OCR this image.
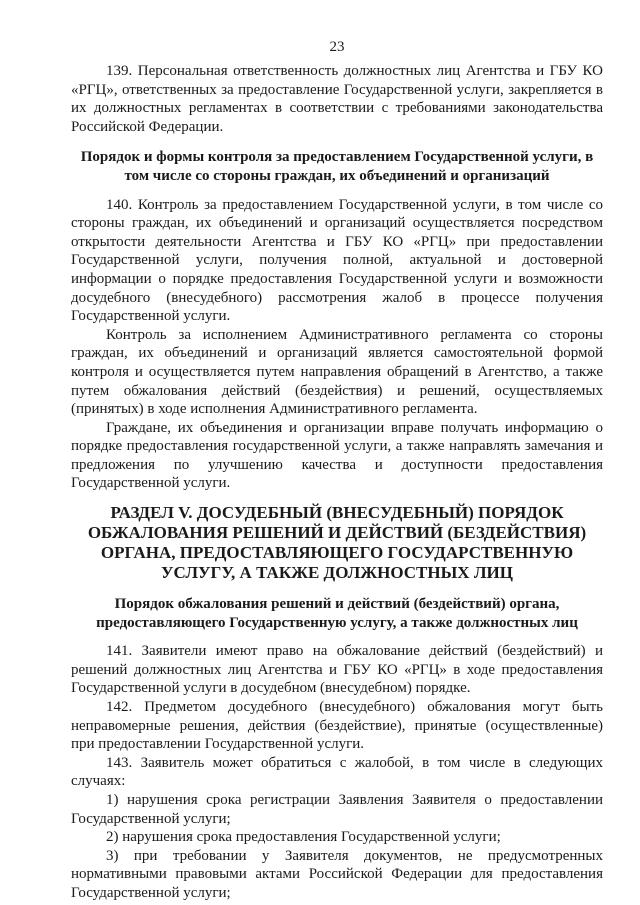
23

139. Персональная ответственность должностных лиц Агентства и ГБУ КО «РГЦ», ответственных за предоставление Государственной услуги, закрепляется в их должностных регламентах в соответствии с требованиями законодательства Российской Федерации.

Порядок и формы контроля за предоставлением Государственной услуги, в том числе со стороны граждан, их объединений и организаций

140. Контроль за предоставлением Государственной услуги, в том числе со стороны граждан, их объединений и организаций осуществляется посредством открытости деятельности Агентства и ГБУ КО «РГЦ» при предоставлении Государственной услуги, получения полной, актуальной и достоверной информации о порядке предоставления Государственной услуги и возможности досудебного (внесудебного) рассмотрения жалоб в процессе получения Государственной услуги.

Контроль за исполнением Административного регламента со стороны граждан, их объединений и организаций является самостоятельной формой контроля и осуществляется путем направления обращений в Агентство, а также путем обжалования действий (бездействия) и решений, осуществляемых (принятых) в ходе исполнения Административного регламента.

Граждане, их объединения и организации вправе получать информацию о порядке предоставления государственной услуги, а также направлять замечания и предложения по улучшению качества и доступности предоставления Государственной услуги.

РАЗДЕЛ V. ДОСУДЕБНЫЙ (ВНЕСУДЕБНЫЙ) ПОРЯДОК ОБЖАЛОВАНИЯ РЕШЕНИЙ И ДЕЙСТВИЙ (БЕЗДЕЙСТВИЯ) ОРГАНА, ПРЕДОСТАВЛЯЮЩЕГО ГОСУДАРСТВЕННУЮ УСЛУГУ, А ТАКЖЕ ДОЛЖНОСТНЫХ ЛИЦ
Порядок обжалования решений и действий (бездействий) органа, предоставляющего Государственную услугу, а также должностных лиц

141. Заявители имеют право на обжалование действий (бездействий) и решений должностных лиц Агентства и ГБУ КО «РГЦ» в ходе предоставления Государственной услуги в досудебном (внесудебном) порядке.

142. Предметом досудебного (внесудебного) обжалования могут быть неправомерные решения, действия (бездействие), принятые (осуществленные) при предоставлении Государственной услуги.

143. Заявитель может обратиться с жалобой, в том числе в следующих случаях:

1) нарушения срока регистрации Заявления Заявителя о предоставлении Государственной услуги;

2) нарушения срока предоставления Государственной услуги;

3) при требовании у Заявителя документов, не предусмотренных нормативными правовыми актами Российской Федерации для предоставления Государственной услуги;
